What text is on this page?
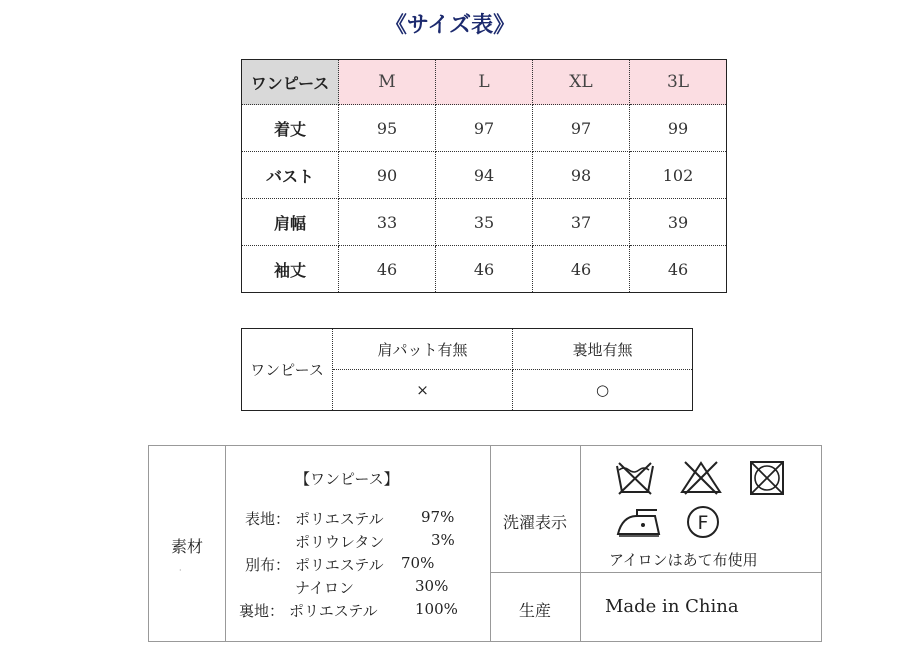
《サイズ表》
ワンピース	M	L	XL	3L
着丈	95	97	97	99
バスト	90	94	98	102
肩幅	33	35	37	39
袖丈	46	46	46	46
ワンピース	肩パット有無	裏地有無
	×	○
素材
·
【ワンピース】
表地： ポリエステル 97%
ポリウレタン	3%
別布： ポリエステル 70%
ナイロン	30%
裏地： ポリエステル 100%
洗濯表示	F
アイロンはあて布使用
生産	Made in China
